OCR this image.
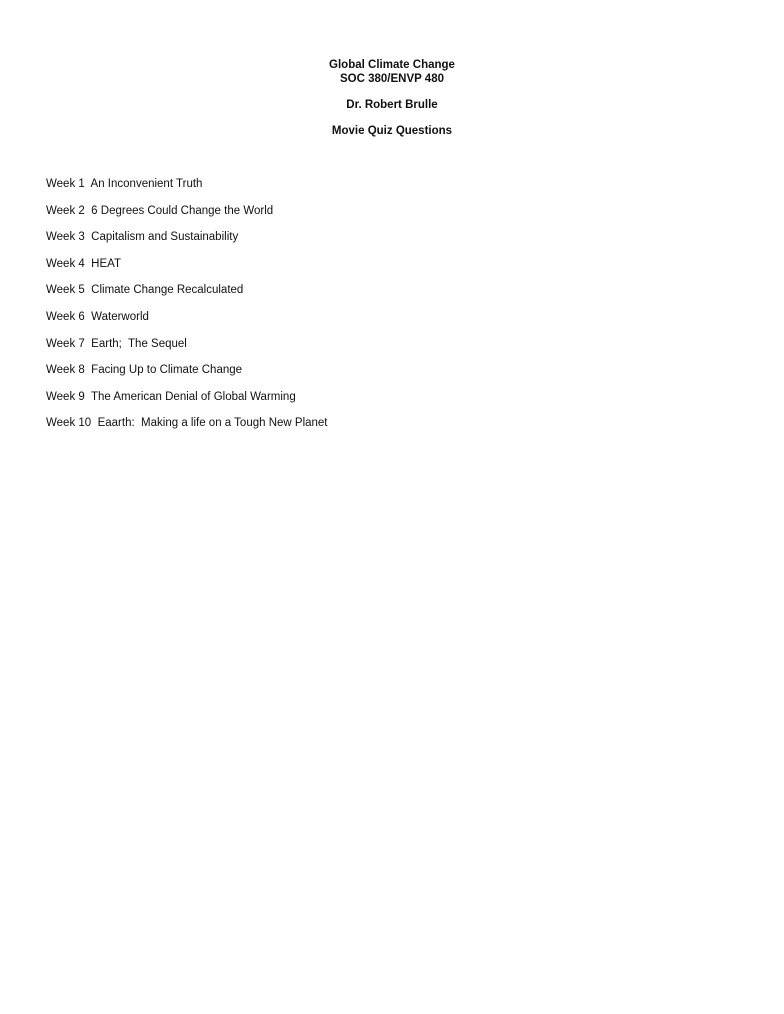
Global Climate Change
SOC 380/ENVP 480
Dr. Robert Brulle
Movie Quiz Questions
Week 1 An Inconvenient Truth
Week 2 6 Degrees Could Change the World
Week 3 Capitalism and Sustainability
Week 4 HEAT
Week 5 Climate Change Recalculated
Week 6 Waterworld
Week 7 Earth;  The Sequel
Week 8 Facing Up to Climate Change
Week 9 The American Denial of Global Warming
Week 10 Eaarth:  Making a life on a Tough New Planet
